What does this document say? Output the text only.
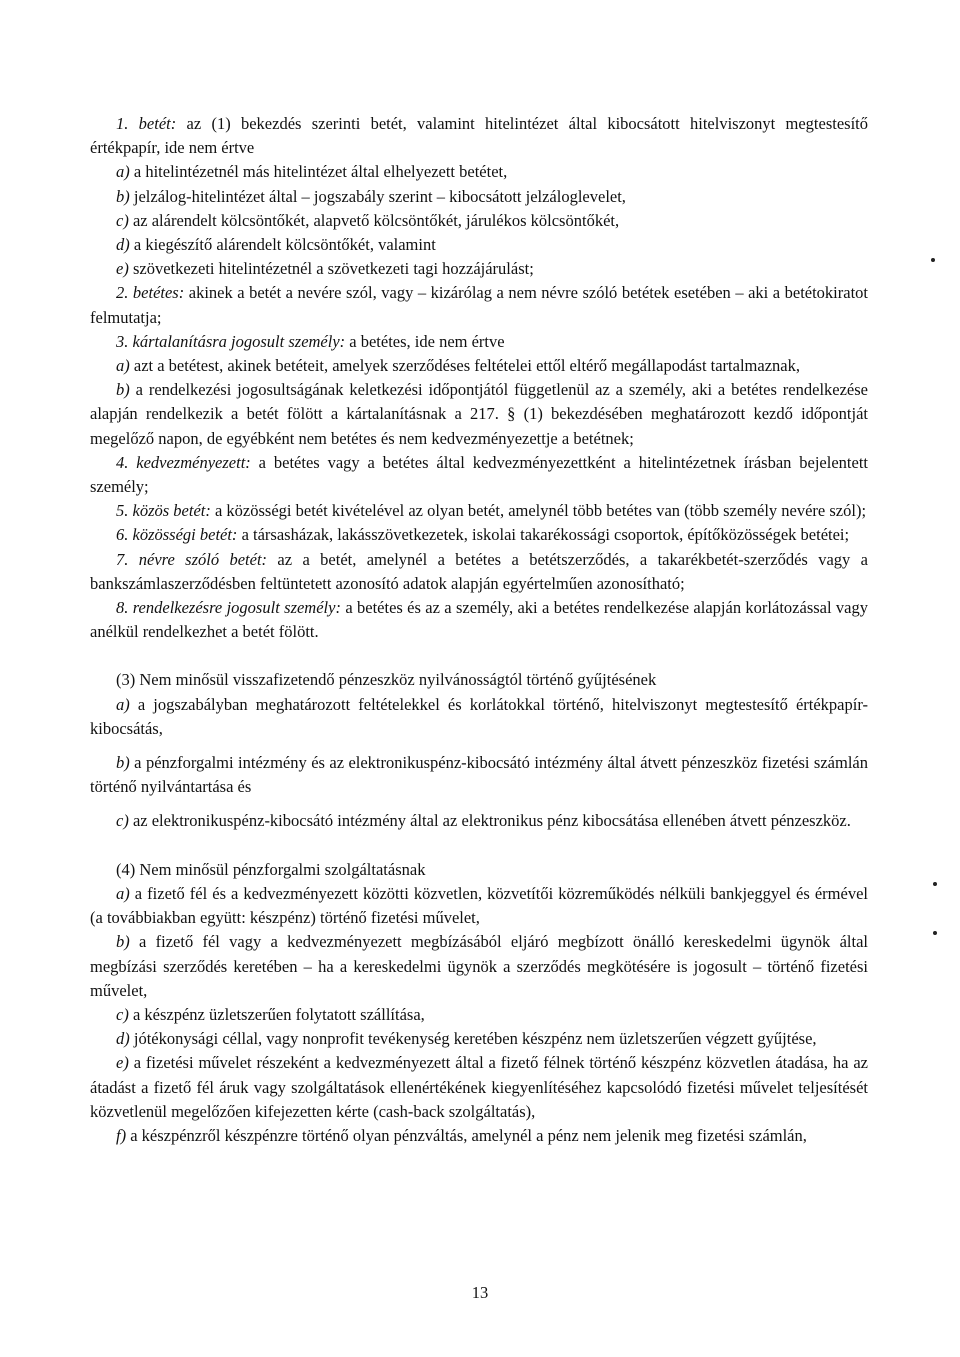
1. betét: az (1) bekezdés szerinti betét, valamint hitelintézet által kibocsátott hitelviszonyt megtestesítő értékpapír, ide nem értve

a) a hitelintézetnél más hitelintézet által elhelyezett betétet,

b) jelzálog-hitelintézet által – jogszabály szerint – kibocsátott jelzáloglevelet,

c) az alárendelt kölcsöntőkét, alapvető kölcsöntőkét, járulékos kölcsöntőkét,

d) a kiegészítő alárendelt kölcsöntőkét, valamint

e) szövetkezeti hitelintézetnél a szövetkezeti tagi hozzájárulást;

2. betétes: akinek a betét a nevére szól, vagy – kizárólag a nem névre szóló betétek esetében – aki a betétokiratot felmutatja;

3. kártalanításra jogosult személy: a betétes, ide nem értve

a) azt a betétest, akinek betéteit, amelyek szerződéses feltételei ettől eltérő megállapodást tartalmaznak,

b) a rendelkezési jogosultságának keletkezési időpontjától függetlenül az a személy, aki a betétes rendelkezése alapján rendelkezik a betét fölött a kártalanításnak a 217. § (1) bekezdésében meghatározott kezdő időpontját megelőző napon, de egyébként nem betétes és nem kedvezményezettje a betétnek;

4. kedvezményezett: a betétes vagy a betétes által kedvezményezettként a hitelintézetnek írásban bejelentett személy;

5. közös betét: a közösségi betét kivételével az olyan betét, amelynél több betétes van (több személy nevére szól);

6. közösségi betét: a társasházak, lakásszövetkezetek, iskolai takarékossági csoportok, építőközösségek betétei;

7. névre szóló betét: az a betét, amelynél a betétes a betétszerződés, a takarékbetét-szerződés vagy a bankszámlaszerződésben feltüntetett azonosító adatok alapján egyértelműen azonosítható;

8. rendelkezésre jogosult személy: a betétes és az a személy, aki a betétes rendelkezése alapján korlátozással vagy anélkül rendelkezhet a betét fölött.

(3) Nem minősül visszafizetendő pénzeszköz nyilvánosságtól történő gyűjtésének

a) a jogszabályban meghatározott feltételekkel és korlátokkal történő, hitelviszonyt megtestesítő értékpapír-kibocsátás,

b) a pénzforgalmi intézmény és az elektronikuspénz-kibocsátó intézmény által átvett pénzeszköz fizetési számlán történő nyilvántartása és

c) az elektronikuspénz-kibocsátó intézmény által az elektronikus pénz kibocsátása ellenében átvett pénzeszköz.

(4) Nem minősül pénzforgalmi szolgáltatásnak

a) a fizető fél és a kedvezményezett közötti közvetlen, közvetítői közreműködés nélküli bankjeggyel és érmével (a továbbiakban együtt: készpénz) történő fizetési művelet,

b) a fizető fél vagy a kedvezményezett megbízásából eljáró megbízott önálló kereskedelmi ügynök által megbízási szerződés keretében – ha a kereskedelmi ügynök a szerződés megkötésére is jogosult – történő fizetési művelet,

c) a készpénz üzletszerűen folytatott szállítása,

d) jótékonysági céllal, vagy nonprofit tevékenység keretében készpénz nem üzletszerűen végzett gyűjtése,

e) a fizetési művelet részeként a kedvezményezett által a fizető félnek történő készpénz közvetlen átadása, ha az átadást a fizető fél áruk vagy szolgáltatások ellenértékének kiegyenlítéséhez kapcsolódó fizetési művelet teljesítését közvetlenül megelőzően kifejezetten kérte (cash-back szolgáltatás),

f) a készpénzről készpénzre történő olyan pénzváltás, amelynél a pénz nem jelenik meg fizetési számlán,

13
